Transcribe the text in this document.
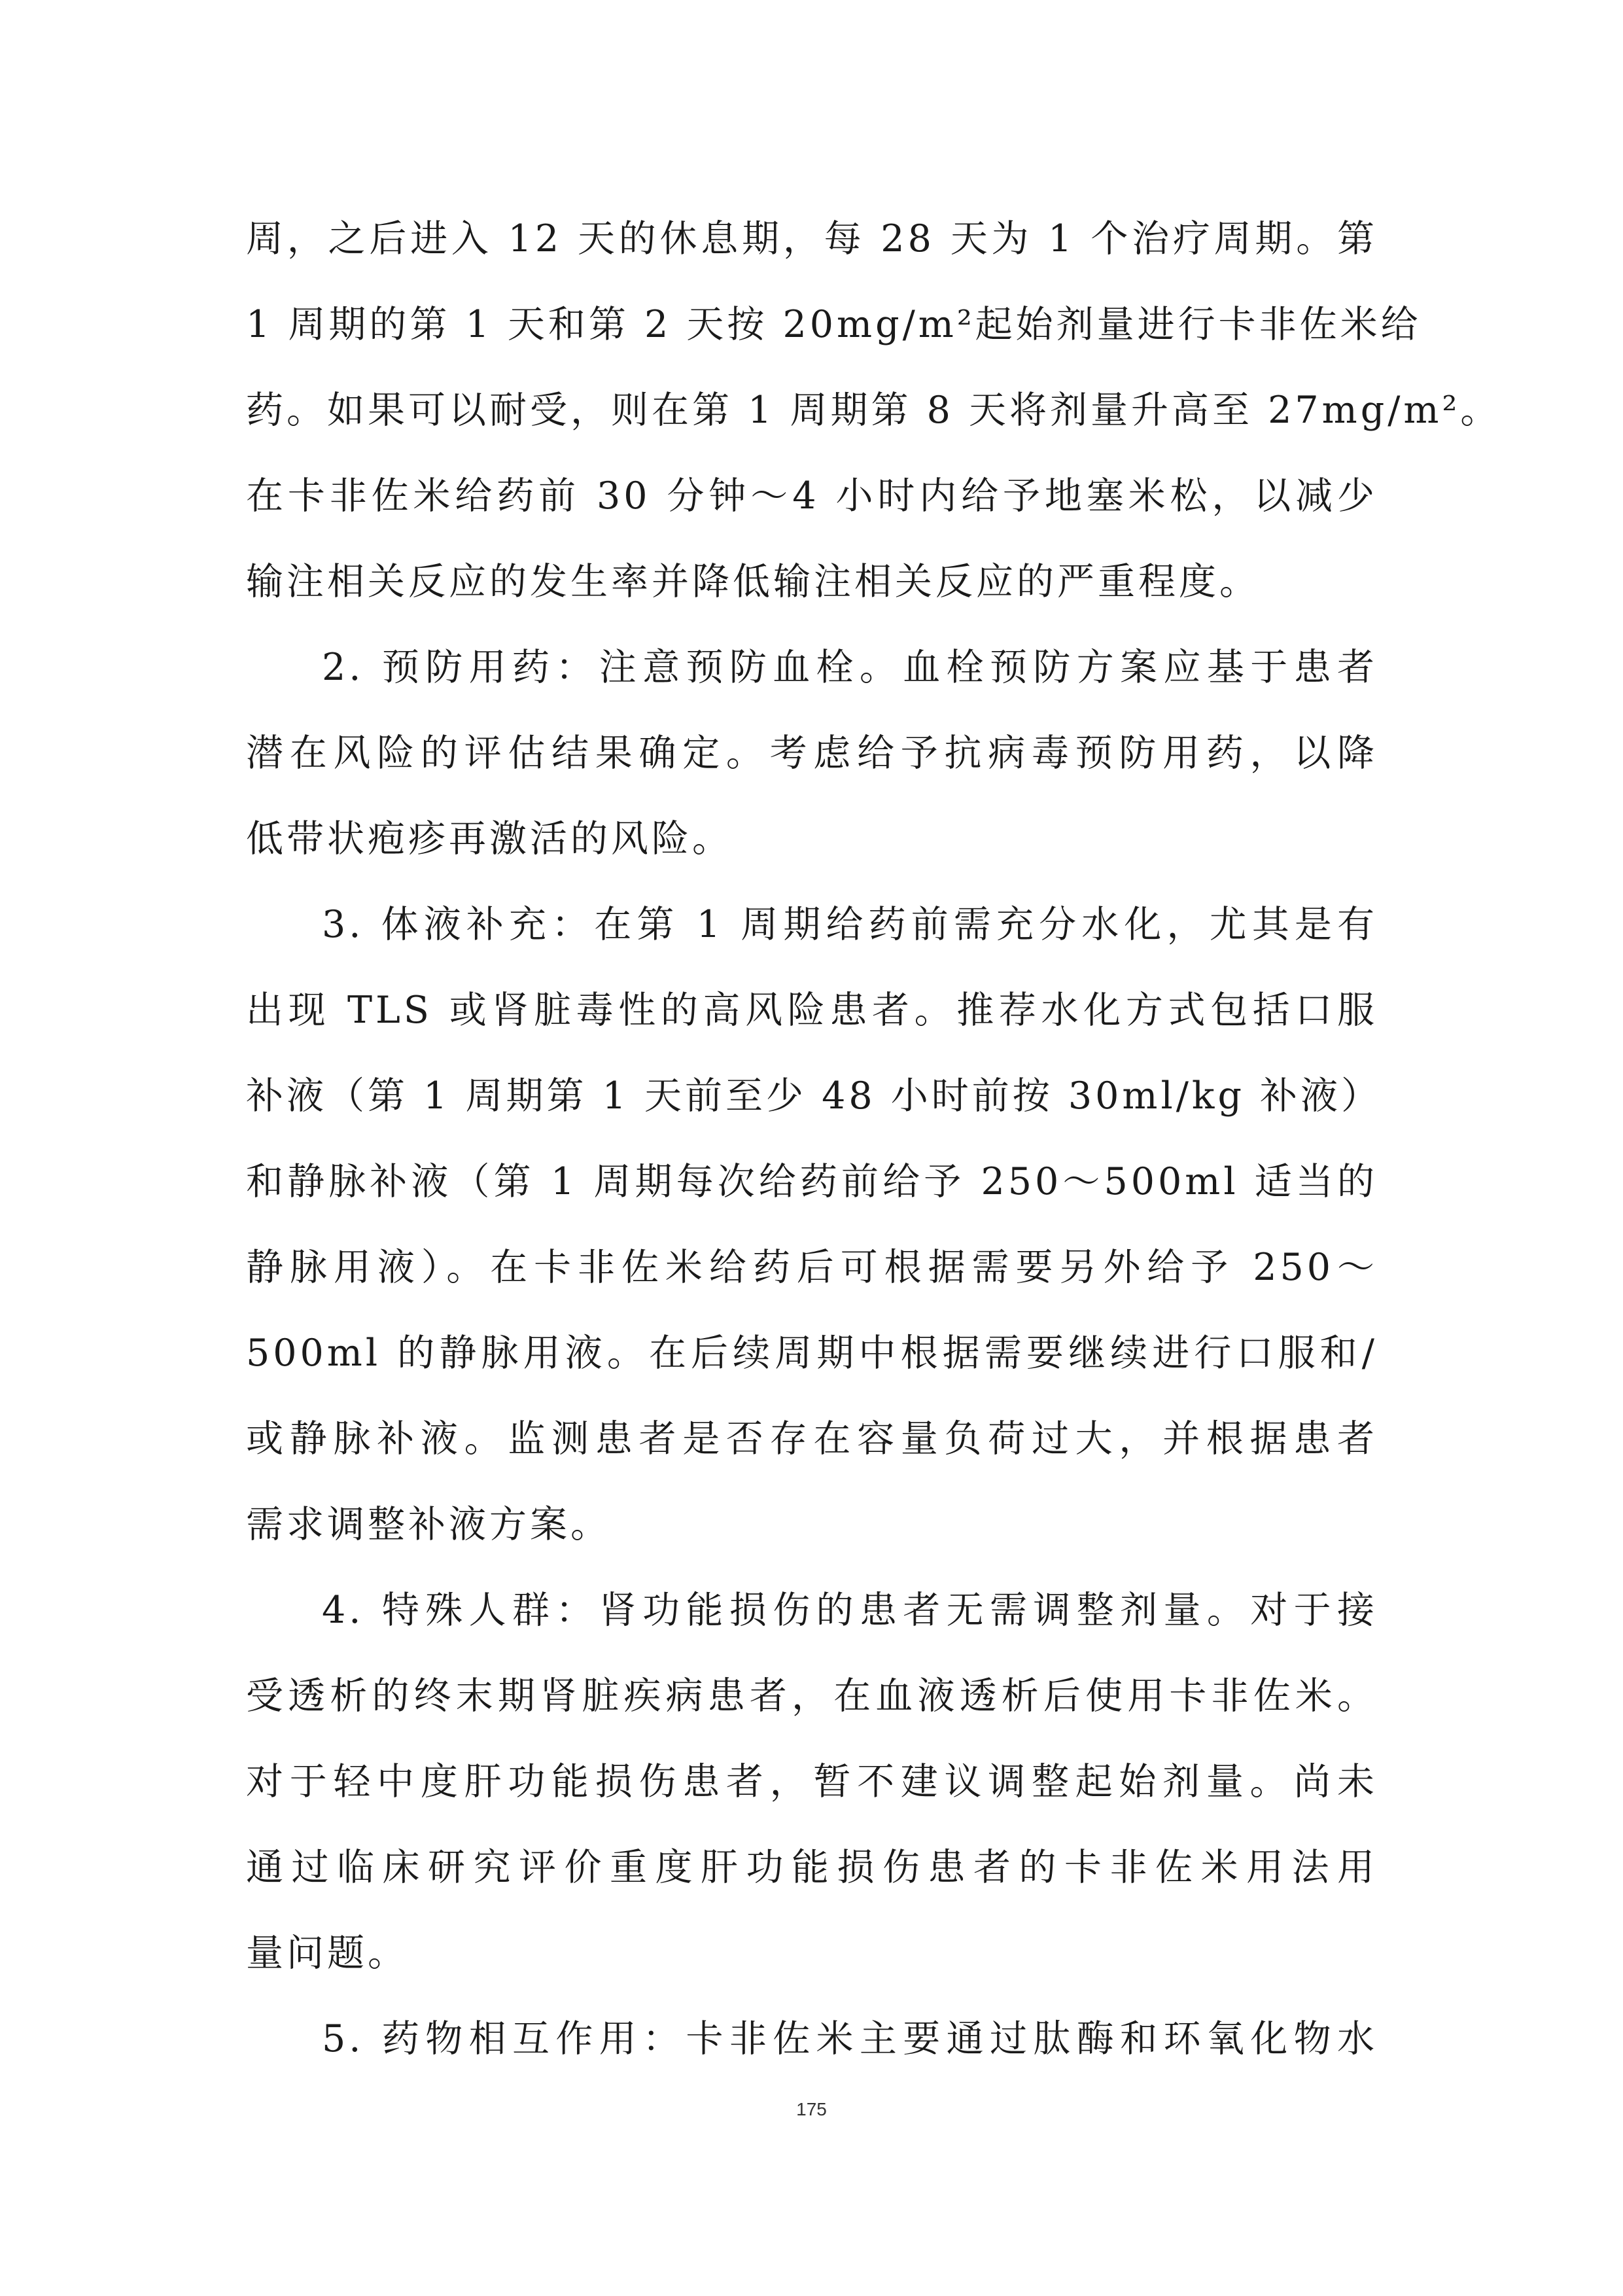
周，之后进入 12 天的休息期，每 28 天为 1 个治疗周期。第
1 周期的第 1 天和第 2 天按 20mg/m²起始剂量进行卡非佐米给
药。如果可以耐受，则在第 1 周期第 8 天将剂量升高至 27mg/m²。
在卡非佐米给药前 30 分钟～4 小时内给予地塞米松，以减少
输注相关反应的发生率并降低输注相关反应的严重程度。
2. 预防用药：注意预防血栓。血栓预防方案应基于患者
潜在风险的评估结果确定。考虑给予抗病毒预防用药，以降
低带状疱疹再激活的风险。
3. 体液补充：在第 1 周期给药前需充分水化，尤其是有
出现 TLS 或肾脏毒性的高风险患者。推荐水化方式包括口服
补液（第 1 周期第 1 天前至少 48 小时前按 30ml/kg 补液）
和静脉补液（第 1 周期每次给药前给予 250～500ml 适当的
静脉用液）。在卡非佐米给药后可根据需要另外给予 250～
500ml 的静脉用液。在后续周期中根据需要继续进行口服和/
或静脉补液。监测患者是否存在容量负荷过大，并根据患者
需求调整补液方案。
4. 特殊人群：肾功能损伤的患者无需调整剂量。对于接
受透析的终末期肾脏疾病患者，在血液透析后使用卡非佐米。
对于轻中度肝功能损伤患者，暂不建议调整起始剂量。尚未
通过临床研究评价重度肝功能损伤患者的卡非佐米用法用
量问题。
5. 药物相互作用：卡非佐米主要通过肽酶和环氧化物水
175
